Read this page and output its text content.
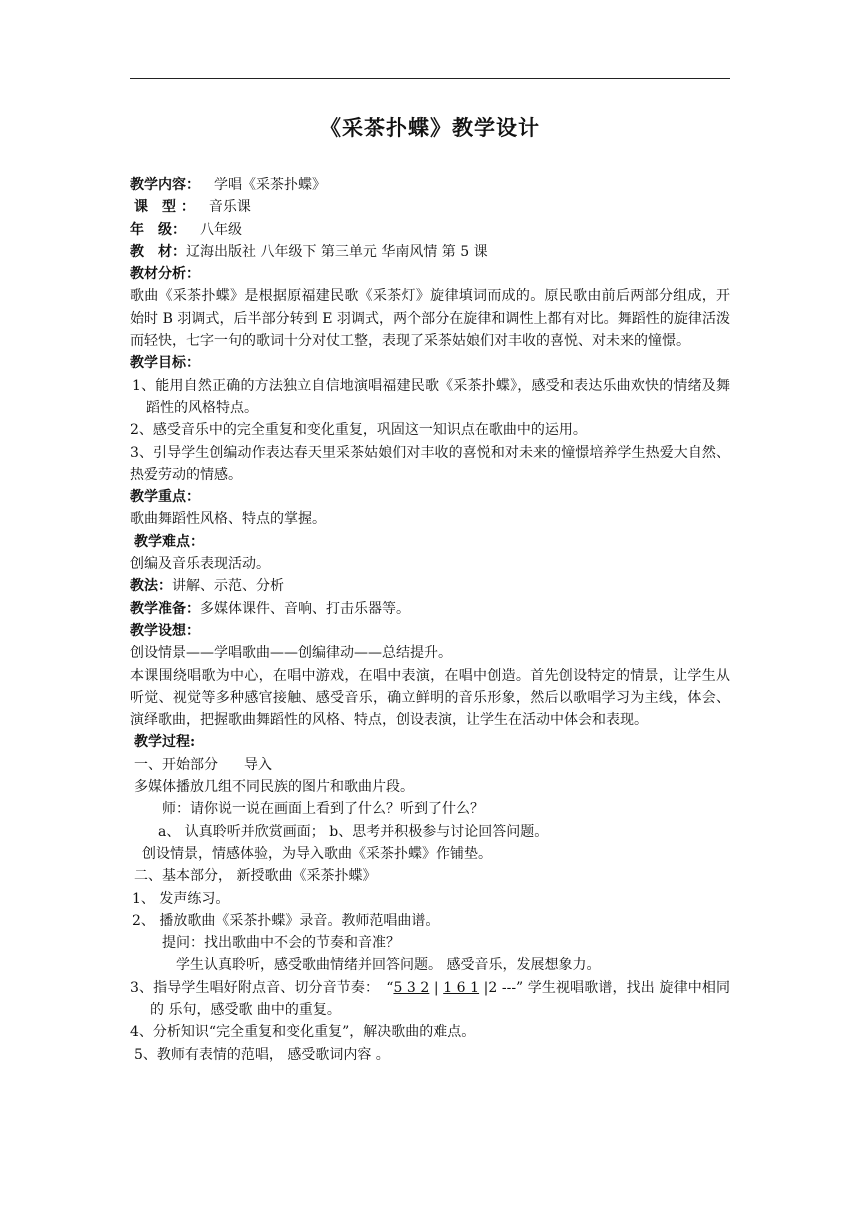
《采茶扑蝶》教学设计

教学内容： 学唱《采茶扑蝶》

课　型 ： 音乐课

年　级： 八年级

教　材：辽海出版社 八年级下 第三单元 华南风情 第 5 课

教材分析：

歌曲《采茶扑蝶》是根据原福建民歌《采茶灯》旋律填词而成的。原民歌由前后两部分组成，开始时 B 羽调式，后半部分转到 E 羽调式，两个部分在旋律和调性上都有对比。舞蹈性的旋律活泼而轻快，七字一句的歌词十分对仗工整，表现了采茶姑娘们对丰收的喜悦、对未来的憧憬。

教学目标：

1、能用自然正确的方法独立自信地演唱福建民歌《采茶扑蝶》，感受和表达乐曲欢快的情绪及舞蹈性的风格特点。

2、感受音乐中的完全重复和变化重复，巩固这一知识点在歌曲中的运用。

3、引导学生创编动作表达春天里采茶姑娘们对丰收的喜悦和对未来的憧憬培养学生热爱大自然、热爱劳动的情感。

教学重点：

歌曲舞蹈性风格、特点的掌握。

教学难点：

创编及音乐表现活动。

教法：讲解、示范、分析

教学准备：多媒体课件、音响、打击乐器等。

教学设想：

创设情景——学唱歌曲——创编律动——总结提升。

本课围绕唱歌为中心，在唱中游戏，在唱中表演，在唱中创造。首先创设特定的情景，让学生从听觉、视觉等多种感官接触、感受音乐，确立鲜明的音乐形象，然后以歌唱学习为主线，体会、演绎歌曲，把握歌曲舞蹈性的风格、特点，创设表演，让学生在活动中体会和表现。

教学过程:

一、开始部分 导入

多媒体播放几组不同民族的图片和歌曲片段。

师：请你说一说在画面上看到了什么？听到了什么？

a、 认真聆听并欣赏画面； b、思考并积极参与讨论回答问题。

创设情景，情感体验，为导入歌曲《采茶扑蝶》作铺垫。

二、基本部分， 新授歌曲《采茶扑蝶》

1、 发声练习。

2、 播放歌曲《采茶扑蝶》录音。教师范唱曲谱。

提问：找出歌曲中不会的节奏和音准？

学生认真聆听，感受歌曲情绪并回答问题。 感受音乐，发展想象力。

3、指导学生唱好附点音、切分音节奏：　“5 3 2 | 1 6 1 |2 ---” 学生视唱歌谱，找出 旋律中相同的 乐句，感受歌 曲中的重复。

4、分析知识“完全重复和变化重复”，解决歌曲的难点。

5、教师有表情的范唱， 感受歌词内容 。
